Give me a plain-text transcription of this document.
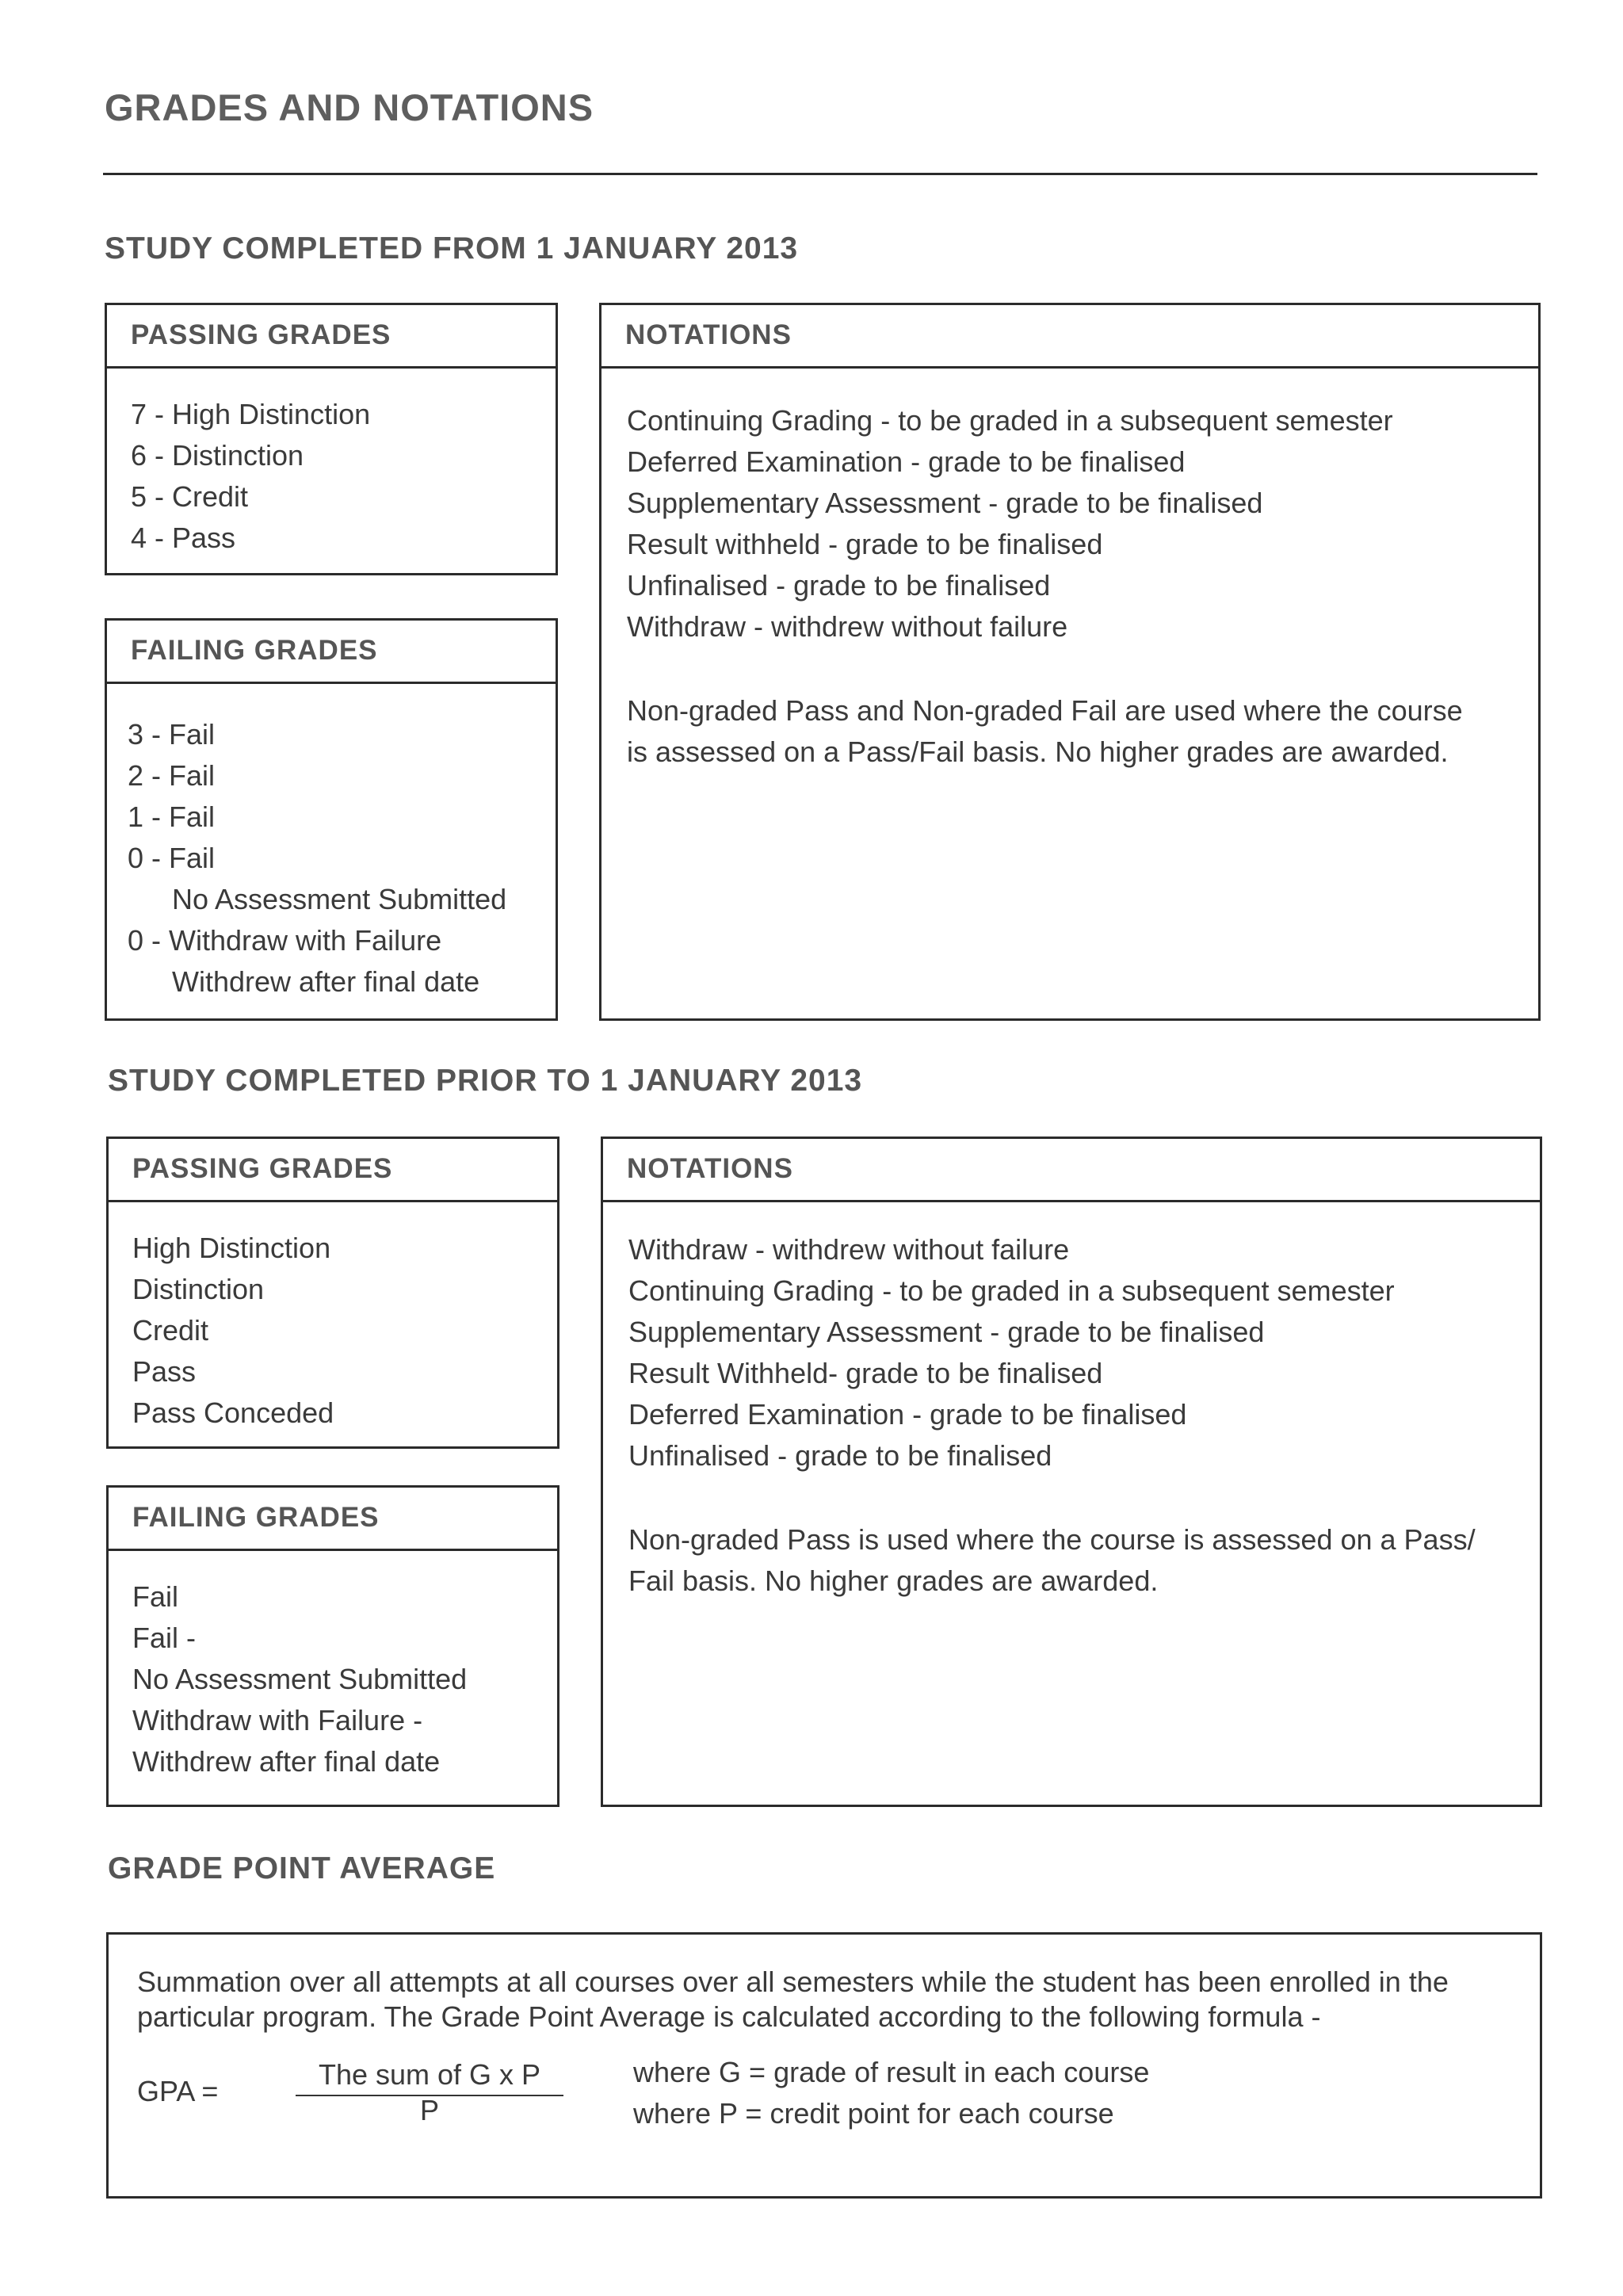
GRADES AND NOTATIONS
STUDY COMPLETED FROM 1 JANUARY 2013
PASSING GRADES
7 - High Distinction
6 - Distinction
5 - Credit
4 - Pass
FAILING GRADES
3 - Fail
2 - Fail
1 - Fail
0 - Fail
No Assessment Submitted
0 - Withdraw with Failure
Withdrew after final date
NOTATIONS
Continuing Grading - to be graded in a subsequent semester
Deferred Examination - grade to be finalised
Supplementary Assessment - grade to be finalised
Result withheld - grade to be finalised
Unfinalised - grade to be finalised
Withdraw - withdrew without failure
Non-graded Pass and Non-graded Fail are used where the course
is assessed on a Pass/Fail basis. No higher grades are awarded.
STUDY COMPLETED PRIOR TO 1 JANUARY 2013
PASSING GRADES
High Distinction
Distinction
Credit
Pass
Pass Conceded
FAILING GRADES
Fail
Fail -
No Assessment Submitted
Withdraw with Failure -
Withdrew after final date
NOTATIONS
Withdraw - withdrew without failure
Continuing Grading - to be graded in a subsequent semester
Supplementary Assessment - grade to be finalised
Result Withheld- grade to be finalised
Deferred Examination - grade to be finalised
Unfinalised - grade to be finalised
Non-graded Pass is used where the course is assessed on a Pass/
Fail basis. No higher grades are awarded.
GRADE POINT AVERAGE
Summation over all attempts at all courses over all semesters while the student has been enrolled in the
particular program. The Grade Point Average is calculated according to the following formula -
GPA =
The sum of G x P
P
where G = grade of result in each course
where P = credit point for each course
